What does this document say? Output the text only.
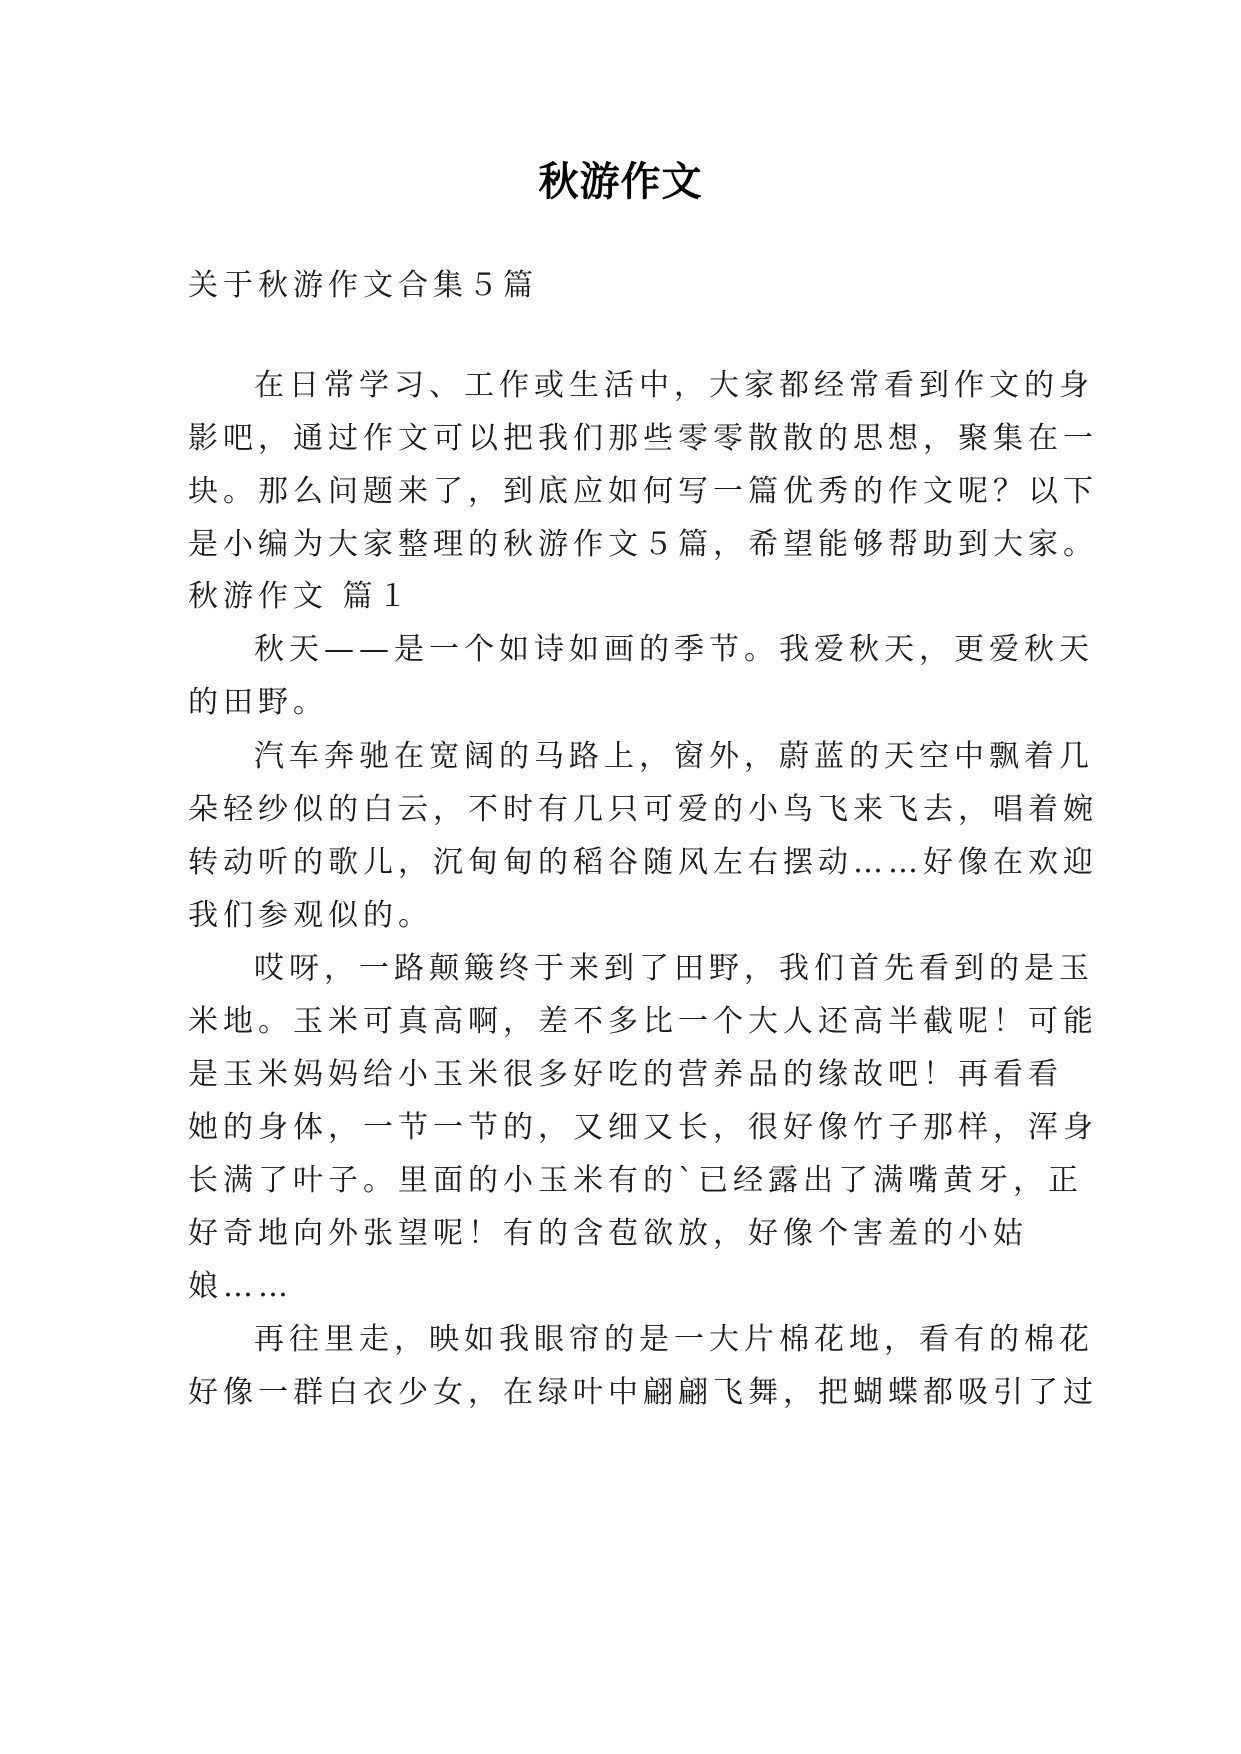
秋游作文
关于秋游作文合集５篇
在日常学习、工作或生活中，大家都经常看到作文的身
影吧，通过作文可以把我们那些零零散散的思想，聚集在一
块。那么问题来了，到底应如何写一篇优秀的作文呢？以下
是小编为大家整理的秋游作文５篇，希望能够帮助到大家。
秋游作文 篇１
秋天——是一个如诗如画的季节。我爱秋天，更爱秋天
的田野。
汽车奔驰在宽阔的马路上，窗外，蔚蓝的天空中飘着几
朵轻纱似的白云，不时有几只可爱的小鸟飞来飞去，唱着婉
转动听的歌儿，沉甸甸的稻谷随风左右摆动……好像在欢迎
我们参观似的。
哎呀，一路颠簸终于来到了田野，我们首先看到的是玉
米地。玉米可真高啊，差不多比一个大人还高半截呢！可能
是玉米妈妈给小玉米很多好吃的营养品的缘故吧！再看看
她的身体，一节一节的，又细又长，很好像竹子那样，浑身
长满了叶子。里面的小玉米有的`已经露出了满嘴黄牙，正
好奇地向外张望呢！有的含苞欲放，好像个害羞的小姑
娘……
再往里走，映如我眼帘的是一大片棉花地，看有的棉花
好像一群白衣少女，在绿叶中翩翩飞舞，把蝴蝶都吸引了过
